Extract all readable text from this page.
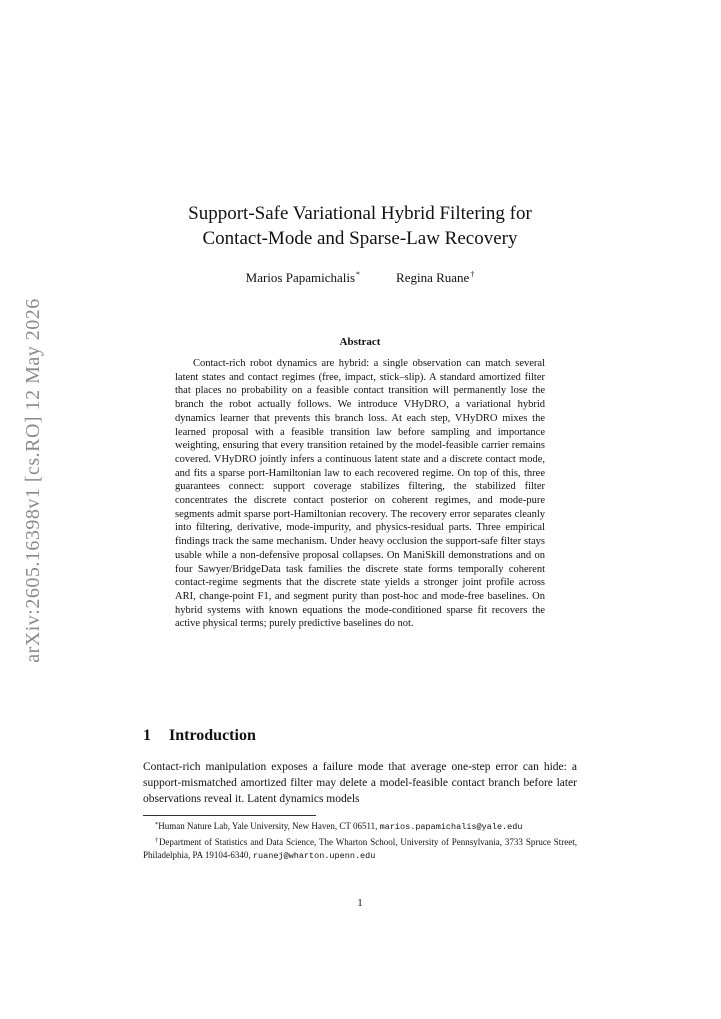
arXiv:2605.16398v1 [cs.RO] 12 May 2026
Support-Safe Variational Hybrid Filtering for
Contact-Mode and Sparse-Law Recovery
Marios Papamichalis*	Regina Ruane†
Abstract

Contact-rich robot dynamics are hybrid: a single observation can match several latent states and contact regimes (free, impact, stick–slip). A standard amortized filter that places no probability on a feasible contact transition will permanently lose the branch the robot actually follows. We introduce VHyDRO, a variational hybrid dynamics learner that prevents this branch loss. At each step, VHyDRO mixes the learned proposal with a feasible transition law before sampling and importance weighting, ensuring that every transition retained by the model-feasible carrier remains covered. VHyDRO jointly infers a continuous latent state and a discrete contact mode, and fits a sparse port-Hamiltonian law to each recovered regime. On top of this, three guarantees connect: support coverage stabilizes filtering, the stabilized filter concentrates the discrete contact posterior on coherent regimes, and mode-pure segments admit sparse port-Hamiltonian recovery. The recovery error separates cleanly into filtering, derivative, mode-impurity, and physics-residual parts. Three empirical findings track the same mechanism. Under heavy occlusion the support-safe filter stays usable while a non-defensive proposal collapses. On ManiSkill demonstrations and on four Sawyer/BridgeData task families the discrete state forms temporally coherent contact-regime segments that the discrete state yields a stronger joint profile across ARI, change-point F1, and segment purity than post-hoc and mode-free baselines. On hybrid systems with known equations the mode-conditioned sparse fit recovers the active physical terms; purely predictive baselines do not.

1 Introduction

Contact-rich manipulation exposes a failure mode that average one-step error can hide: a support-mismatched amortized filter may delete a model-feasible contact branch before later observations reveal it. Latent dynamics models

*Human Nature Lab, Yale University, New Haven, CT 06511, marios.papamichalis@yale.edu

†Department of Statistics and Data Science, The Wharton School, University of Pennsylvania, 3733 Spruce Street, Philadelphia, PA 19104-6340, ruanej@wharton.upenn.edu

1
